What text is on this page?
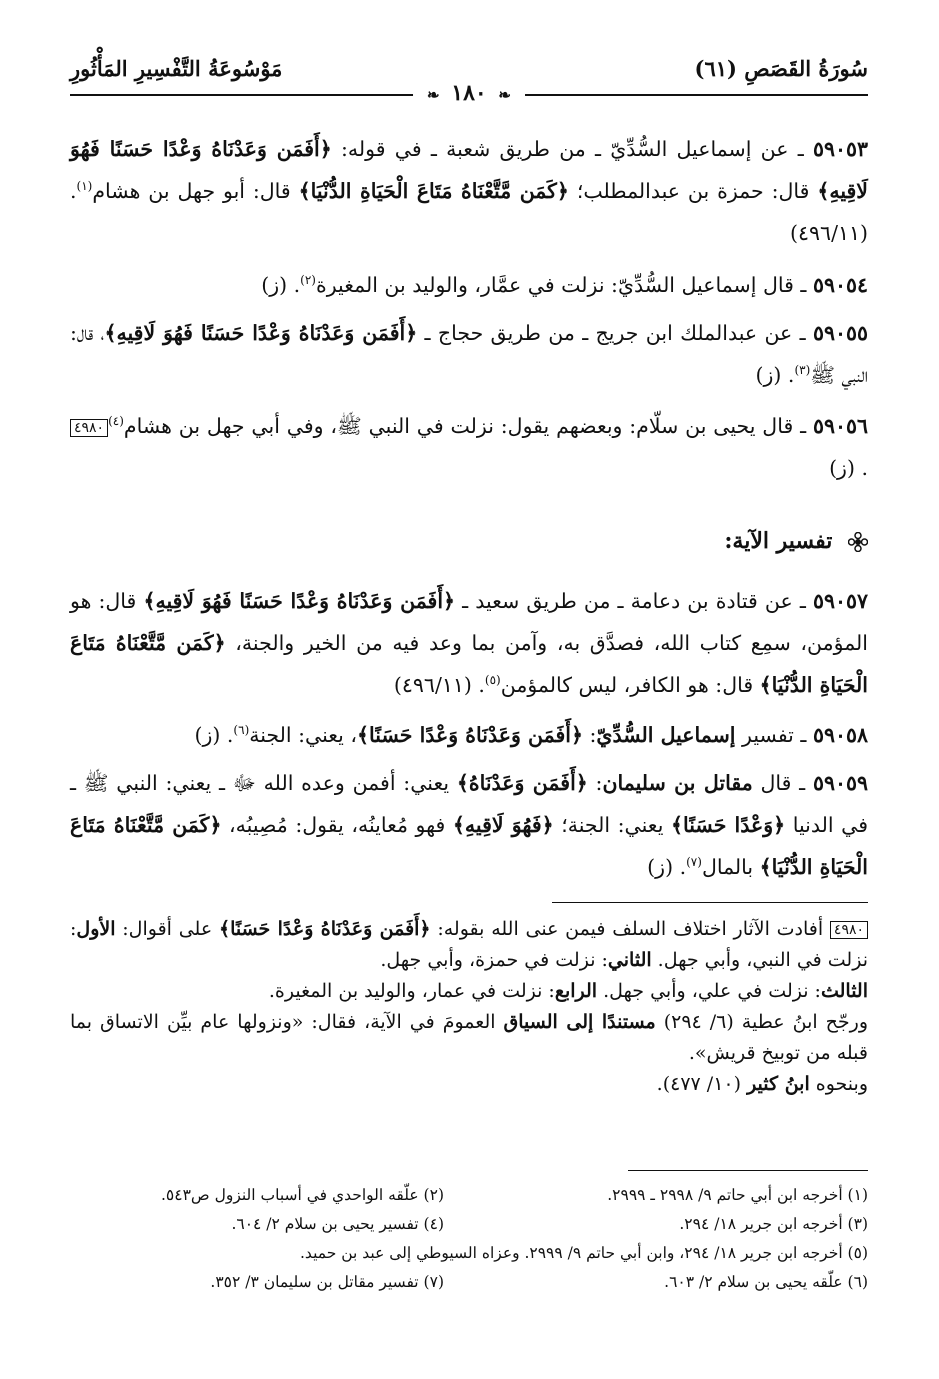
سُورَةُ القَصَصِ (٦١)
مَوْسُوعَةُ التَّفْسِيرِ المَأْثُورِ
❧ ١٨٠ ❧
٥٩٠٥٣ ـ عن إسماعيل السُّدِّيّ ـ من طريق شعبة ـ في قوله: ﴿أَفَمَن وَعَدْنَاهُ وَعْدًا حَسَنًا فَهُوَ لَاقِيهِ﴾ قال: حمزة بن عبدالمطلب؛ ﴿كَمَن مَّتَّعْنَاهُ مَتَاعَ الْحَيَاةِ الدُّنْيَا﴾ قال: أبو جهل بن هشام$^{(١)}$. (٤٩٦/١١)
٥٩٠٥٤ ـ قال إسماعيل السُّدِّيّ: نزلت في عمَّار، والوليد بن المغيرة$^{(٢)}$. (ز)
٥٩٠٥٥ ـ عن عبدالملك ابن جريج ـ من طريق حجاج ـ ﴿أَفَمَن وَعَدْنَاهُ وَعْدًا حَسَنًا فَهُوَ لَاقِيهِ﴾، قال: النبي ﷺ$^{(٣)}$. (ز)
٥٩٠٥٦ ـ قال يحيى بن سلّام: وبعضهم يقول: نزلت في النبي ﷺ، وفي أبي جهل بن هشام$^{(٤)}$٤٩٨٠. (ز)
تفسير الآية:
٥٩٠٥٧ ـ عن قتادة بن دعامة ـ من طريق سعيد ـ ﴿أَفَمَن وَعَدْنَاهُ وَعْدًا حَسَنًا فَهُوَ لَاقِيهِ﴾ قال: هو المؤمن، سمِع كتاب الله، فصدَّق به، وآمن بما وعد فيه من الخير والجنة، ﴿كَمَن مَّتَّعْنَاهُ مَتَاعَ الْحَيَاةِ الدُّنْيَا﴾ قال: هو الكافر، ليس كالمؤمن$^{(٥)}$. (٤٩٦/١١)
٥٩٠٥٨ ـ تفسير إسماعيل السُّدِّيّ: ﴿أَفَمَن وَعَدْنَاهُ وَعْدًا حَسَنًا﴾، يعني: الجنة$^{(٦)}$. (ز)
٥٩٠٥٩ ـ قال مقاتل بن سليمان: ﴿أَفَمَن وَعَدْنَاهُ﴾ يعني: أفمن وعده الله ﷻ ـ يعني: النبي ﷺ ـ في الدنيا ﴿وَعْدًا حَسَنًا﴾ يعني: الجنة؛ ﴿فَهُوَ لَاقِيهِ﴾ فهو مُعاينُه، يقول: مُصِيبُه، ﴿كَمَن مَّتَّعْنَاهُ مَتَاعَ الْحَيَاةِ الدُّنْيَا﴾ بالمال$^{(٧)}$. (ز)
٤٩٨٠ أفادت الآثار اختلاف السلف فيمن عنى الله بقوله: ﴿أَفَمَن وَعَدْنَاهُ وَعْدًا حَسَنًا﴾ على أقوال: الأول: نزلت في النبي، وأبي جهل. الثاني: نزلت في حمزة، وأبي جهل.
الثالث: نزلت في علي، وأبي جهل. الرابع: نزلت في عمار، والوليد بن المغيرة.
ورجّح ابنُ عطية (٦/ ٢٩٤) مستندًا إلى السياق العمومَ في الآية، فقال: «ونزولها عام بيِّن الاتساق بما قبله من توبيخ قريش».
وبنحوه ابنُ كثير (١٠/ ٤٧٧).
(١) أخرجه ابن أبي حاتم ٩/ ٢٩٩٨ ـ ٢٩٩٩.
(٢) علّقه الواحدي في أسباب النزول ص٥٤٣.
(٣) أخرجه ابن جرير ١٨/ ٢٩٤.
(٤) تفسير يحيى بن سلام ٢/ ٦٠٤.
(٥) أخرجه ابن جرير ١٨/ ٢٩٤، وابن أبي حاتم ٩/ ٢٩٩٩. وعزاه السيوطي إلى عبد بن حميد.
(٦) علّقه يحيى بن سلام ٢/ ٦٠٣.
(٧) تفسير مقاتل بن سليمان ٣/ ٣٥٢.
